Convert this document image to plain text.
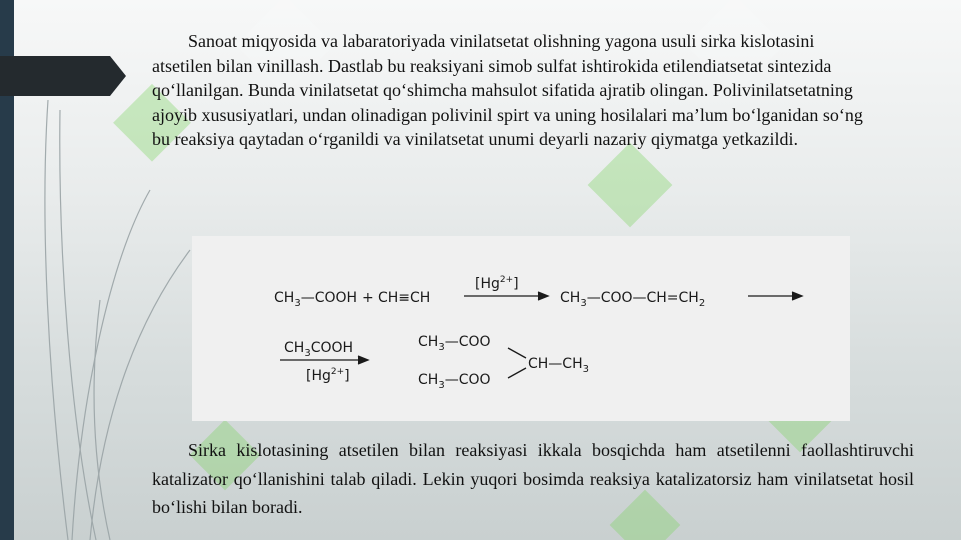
Sanoat miqyosida va labaratoriyada vinilatsetat olishning yagona usuli sirka kislotasini atsetilen bilan vinillash. Dastlab bu reaksiyani simob sulfat ishtirokida etilendiatsetat sintezida qo‘llanilgan. Bunda vinilatsetat qo‘shimcha mahsulot sifatida ajratib olingan. Polivinilatsetatning ajoyib xususiyatlari, undan olinadigan polivinil spirt va uning hosilalari ma’lum bo‘lganidan so‘ng bu reaksiya qaytadan o‘rganildi va vinilatsetat unumi deyarli nazariy qiymatga yetkazildi.

$CH_3—COOH + CH\equiv CH$
$[Hg^{2+}]$
$CH_3—COO—CH=CH_2$
$CH_3COOH$
$[Hg^{2+}]$
$CH_3—COO$
$CH_3—COO$
$CH—CH_3$

Sirka kislotasining atsetilen bilan reaksiyasi ikkala bosqichda ham atsetilenni faollashtiruvchi katalizator qo‘llanishini talab qiladi. Lekin yuqori bosimda reaksiya katalizatorsiz ham vinilatsetat hosil bo‘lishi bilan boradi.
